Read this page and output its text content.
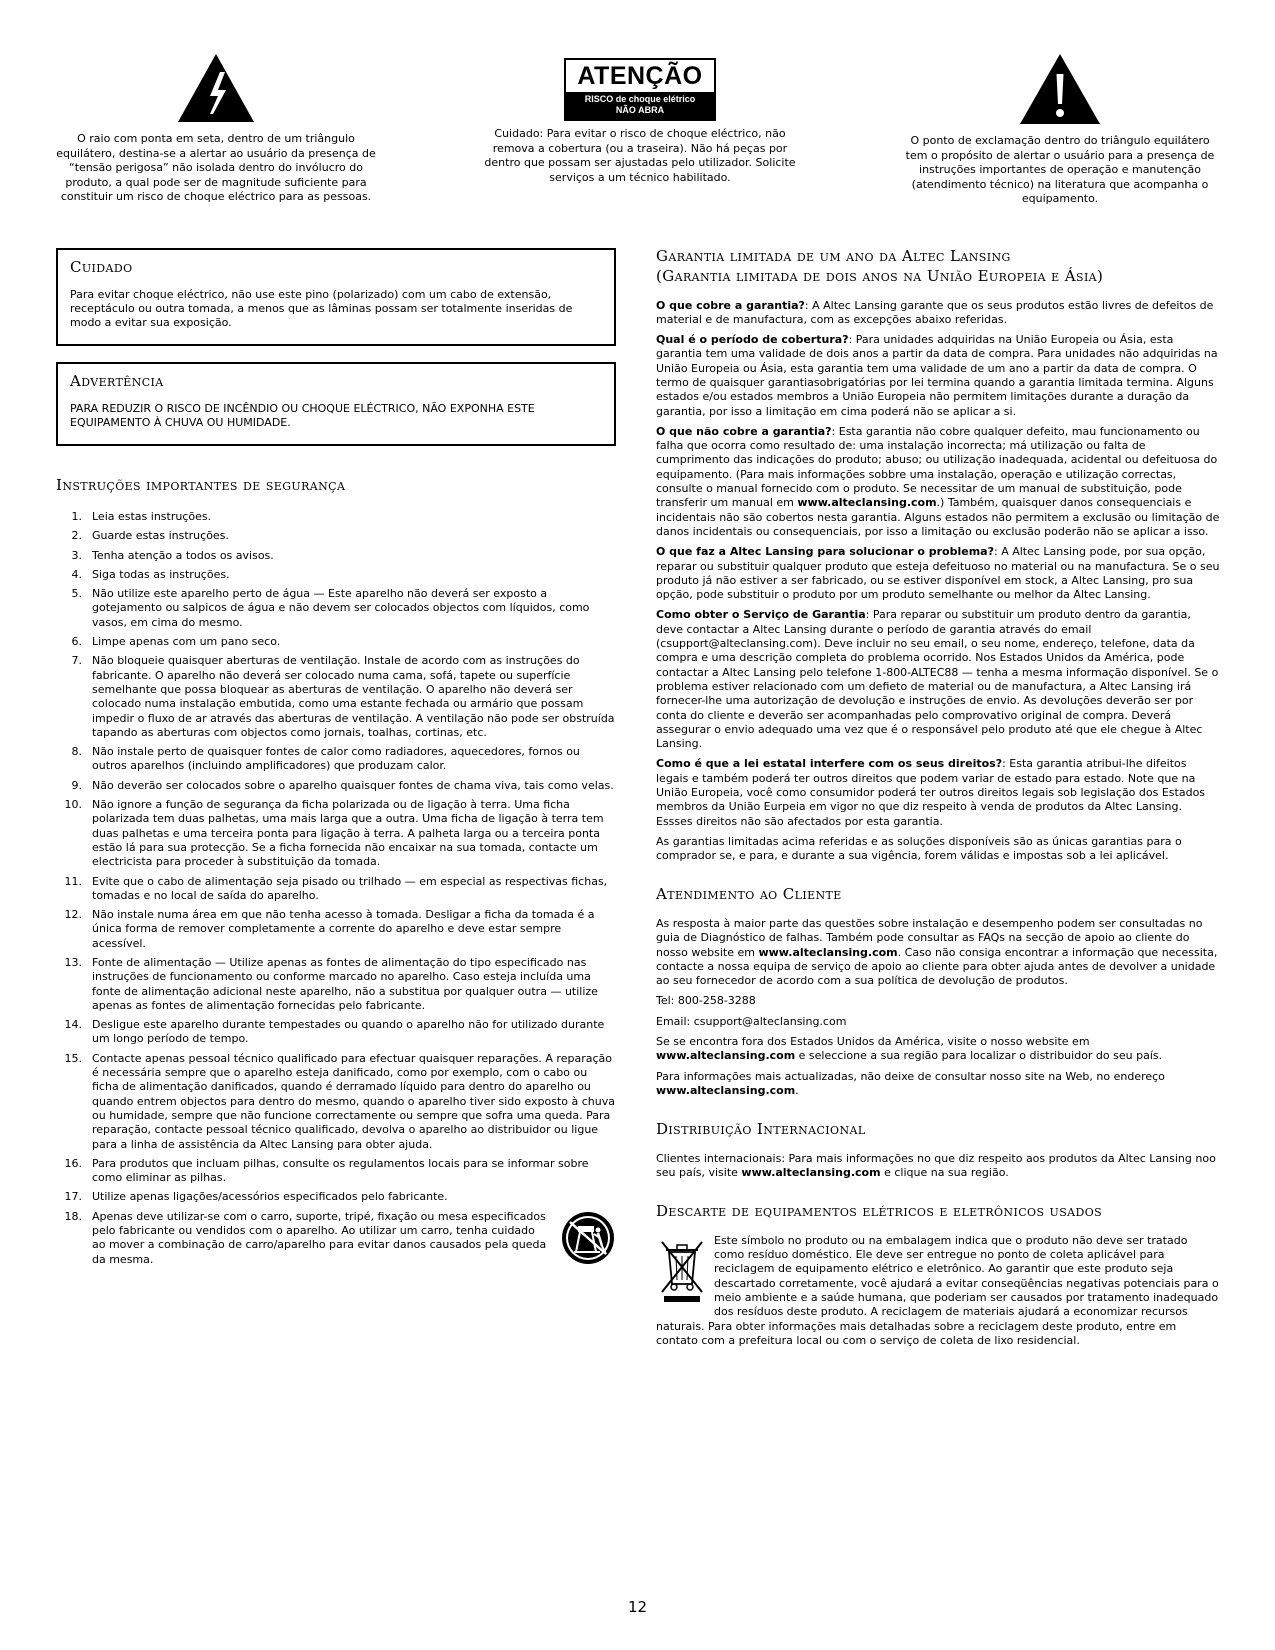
O raio com ponta em seta, dentro de um triângulo equilátero, destina-se a alertar ao usuário da presença de “tensão perigosa” não isolada dentro do invólucro do produto, a qual pode ser de magnitude suficiente para constituir um risco de choque eléctrico para as pessoas.

ATENÇÃO
RISCO de choque elétrico
NÃO ABRA

Cuidado: Para evitar o risco de choque eléctrico, não remova a cobertura (ou a traseira). Não há peças por dentro que possam ser ajustadas pelo utilizador. Solicite serviços a um técnico habilitado.

O ponto de exclamação dentro do triângulo equilátero tem o propósito de alertar o usuário para a presença de instruções importantes de operação e manutenção (atendimento técnico) na literatura que acompanha o equipamento.

Cuidado

Para evitar choque eléctrico, não use este pino (polarizado) com um cabo de extensão, receptáculo ou outra tomada, a menos que as lâminas possam ser totalmente inseridas de modo a evitar sua exposição.

Advertência

PARA REDUZIR O RISCO DE INCÊNDIO OU CHOQUE ELÉCTRICO, NÃO EXPONHA ESTE EQUIPAMENTO À CHUVA OU HUMIDADE.

Instruções importantes de segurança
1. Leia estas instruções.
2. Guarde estas instruções.
3. Tenha atenção a todos os avisos.
4. Siga todas as instruções.
5. Não utilize este aparelho perto de água — Este aparelho não deverá ser exposto a gotejamento ou salpicos de água e não devem ser colocados objectos com líquidos, como vasos, em cima do mesmo.
6. Limpe apenas com um pano seco.
7. Não bloqueie quaisquer aberturas de ventilação. Instale de acordo com as instruções do fabricante. O aparelho não deverá ser colocado numa cama, sofá, tapete ou superfície semelhante que possa bloquear as aberturas de ventilação. O aparelho não deverá ser colocado numa instalação embutida, como uma estante fechada ou armário que possam impedir o fluxo de ar através das aberturas de ventilação. A ventilação não pode ser obstruída tapando as aberturas com objectos como jornais, toalhas, cortinas, etc.
8. Não instale perto de quaisquer fontes de calor como radiadores, aquecedores, fornos ou outros aparelhos (incluindo amplificadores) que produzam calor.
9. Não deverão ser colocados sobre o aparelho quaisquer fontes de chama viva, tais como velas.
10. Não ignore a função de segurança da ficha polarizada ou de ligação à terra. Uma ficha polarizada tem duas palhetas, uma mais larga que a outra. Uma ficha de ligação à terra tem duas palhetas e uma terceira ponta para ligação à terra. A palheta larga ou a terceira ponta estão lá para sua protecção. Se a ficha fornecida não encaixar na sua tomada, contacte um electricista para proceder à substituição da tomada.
11. Evite que o cabo de alimentação seja pisado ou trilhado — em especial as respectivas fichas, tomadas e no local de saída do aparelho.
12. Não instale numa área em que não tenha acesso à tomada. Desligar a ficha da tomada é a única forma de remover completamente a corrente do aparelho e deve estar sempre acessível.
13. Fonte de alimentação — Utilize apenas as fontes de alimentação do tipo especificado nas instruções de funcionamento ou conforme marcado no aparelho. Caso esteja incluída uma fonte de alimentação adicional neste aparelho, não a substitua por qualquer outra — utilize apenas as fontes de alimentação fornecidas pelo fabricante.
14. Desligue este aparelho durante tempestades ou quando o aparelho não for utilizado durante um longo período de tempo.
15. Contacte apenas pessoal técnico qualificado para efectuar quaisquer reparações. A reparação é necessária sempre que o aparelho esteja danificado, como por exemplo, com o cabo ou ficha de alimentação danificados, quando é derramado líquido para dentro do aparelho ou quando entrem objectos para dentro do mesmo, quando o aparelho tiver sido exposto à chuva ou humidade, sempre que não funcione correctamente ou sempre que sofra uma queda. Para reparação, contacte pessoal técnico qualificado, devolva o aparelho ao distribuidor ou ligue para a linha de assistência da Altec Lansing para obter ajuda.
16. Para produtos que incluam pilhas, consulte os regulamentos locais para se informar sobre como eliminar as pilhas.
17. Utilize apenas ligações/acessórios especificados pelo fabricante.
18. Apenas deve utilizar-se com o carro, suporte, tripé, fixação ou mesa especificados pelo fabricante ou vendidos com o aparelho. Ao utilizar um carro, tenha cuidado ao mover a combinação de carro/aparelho para evitar danos causados pela queda da mesma.
Garantia limitada de um ano da Altec Lansing
(Garantia limitada de dois anos na União Europeia e Ásia)

O que cobre a garantia?: A Altec Lansing garante que os seus produtos estão livres de defeitos de material e de manufactura, com as excepções abaixo referidas.

Qual é o período de cobertura?: Para unidades adquiridas na União Europeia ou Ásia, esta garantia tem uma validade de dois anos a partir da data de compra. Para unidades não adquiridas na União Europeia ou Ásia, esta garantia tem uma validade de um ano a partir da data de compra. O termo de quaisquer garantiasobrigatórias por lei termina quando a garantia limitada termina. Alguns estados e/ou estados membros a União Europeia não permitem limitações durante a duração da garantia, por isso a limitação em cima poderá não se aplicar a si.

O que não cobre a garantia?: Esta garantia não cobre qualquer defeito, mau funcionamento ou falha que ocorra como resultado de: uma instalação incorrecta; má utilização ou falta de cumprimento das indicações do produto; abuso; ou utilização inadequada, acidental ou defeituosa do equipamento. (Para mais informações sobbre uma instalação, operação e utilização correctas, consulte o manual fornecido com o produto. Se necessitar de um manual de substituição, pode transferir um manual em www.alteclansing.com.) Também, quaisquer danos consequenciais e incidentais não são cobertos nesta garantia. Alguns estados não permitem a exclusão ou limitação de danos incidentais ou consequenciais, por isso a limitação ou exclusão poderão não se aplicar a isso.

O que faz a Altec Lansing para solucionar o problema?: A Altec Lansing pode, por sua opção, reparar ou substituir qualquer produto que esteja defeituoso no material ou na manufactura. Se o seu produto já não estiver a ser fabricado, ou se estiver disponível em stock, a Altec Lansing, pro sua opção, pode substituir o produto por um produto semelhante ou melhor da Altec Lansing.

Como obter o Serviço de Garantia: Para reparar ou substituir um produto dentro da garantia, deve contactar a Altec Lansing durante o período de garantia através do email (csupport@alteclansing.com). Deve incluir no seu email, o seu nome, endereço, telefone, data da compra e uma descrição completa do problema ocorrido. Nos Estados Unidos da América, pode contactar a Altec Lansing pelo telefone 1-800-ALTEC88 — tenha a mesma informação disponível. Se o problema estiver relacionado com um defieto de material ou de manufactura, a Altec Lansing irá fornecer-lhe uma autorização de devolução e instruções de envio. As devoluções deverão ser por conta do cliente e deverão ser acompanhadas pelo comprovativo original de compra. Deverá assegurar o envio adequado uma vez que é o responsável pelo produto até que ele chegue à Altec Lansing.

Como é que a lei estatal interfere com os seus direitos?: Esta garantia atribui-lhe difeitos legais e também poderá ter outros direitos que podem variar de estado para estado. Note que na União Europeia, você como consumidor poderá ter outros direitos legais sob legislação dos Estados membros da União Eurpeia em vigor no que diz respeito à venda de produtos da Altec Lansing. Essses direitos não são afectados por esta garantia.

As garantias limitadas acima referidas e as soluções disponíveis são as únicas garantias para o comprador se, e para, e durante a sua vigência, forem válidas e impostas sob a lei aplicável.

Atendimento ao Cliente

As resposta à maior parte das questões sobre instalação e desempenho podem ser consultadas no guia de Diagnóstico de falhas. Também pode consultar as FAQs na secção de apoio ao cliente do nosso website em www.alteclansing.com. Caso não consiga encontrar a informação que necessita, contacte a nossa equipa de serviço de apoio ao cliente para obter ajuda antes de devolver a unidade ao seu fornecedor de acordo com a sua política de devolução de produtos.

Tel: 800-258-3288

Email: csupport@alteclansing.com

Se se encontra fora dos Estados Unidos da América, visite o nosso website em www.alteclansing.com e seleccione a sua região para localizar o distribuidor do seu país.

Para informações mais actualizadas, não deixe de consultar nosso site na Web, no endereço www.alteclansing.com.

Distribuição Internacional

Clientes internacionais: Para mais informações no que diz respeito aos produtos da Altec Lansing noo seu país, visite www.alteclansing.com e clique na sua região.

Descarte de equipamentos elétricos e eletrônicos usados

Este símbolo no produto ou na embalagem indica que o produto não deve ser tratado como resíduo doméstico. Ele deve ser entregue no ponto de coleta aplicável para reciclagem de equipamento elétrico e eletrônico. Ao garantir que este produto seja descartado corretamente, você ajudará a evitar conseqüências negativas potenciais para o meio ambiente e a saúde humana, que poderiam ser causados por tratamento inadequado dos resíduos deste produto. A reciclagem de materiais ajudará a economizar recursos naturais. Para obter informações mais detalhadas sobre a reciclagem deste produto, entre em contato com a prefeitura local ou com o serviço de coleta de lixo residencial.

12
